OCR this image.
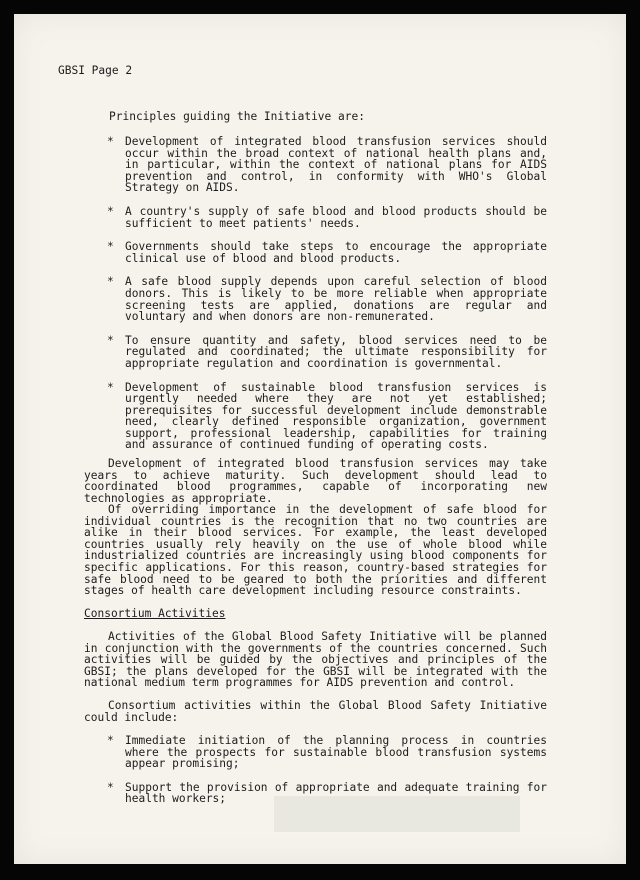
GBSI Page 2
Principles guiding the Initiative are:
* Development of integrated blood transfusion services should occur within the broad context of national health plans and, in particular, within the context of national plans for AIDS prevention and control, in conformity with WHO's Global Strategy on AIDS.
* A country's supply of safe blood and blood products should be sufficient to meet patients' needs.
* Governments should take steps to encourage the appropriate clinical use of blood and blood products.
* A safe blood supply depends upon careful selection of blood donors. This is likely to be more reliable when appropriate screening tests are applied, donations are regular and voluntary and when donors are non-remunerated.
* To ensure quantity and safety, blood services need to be regulated and coordinated; the ultimate responsibility for appropriate regulation and coordination is governmental.
* Development of sustainable blood transfusion services is urgently needed where they are not yet established; prerequisites for successful development include demonstrable need, clearly defined responsible organization, government support, professional leadership, capabilities for training and assurance of continued funding of operating costs.
Development of integrated blood transfusion services may take years to achieve maturity. Such development should lead to coordinated blood programmes, capable of incorporating new technologies as appropriate.
Of overriding importance in the development of safe blood for individual countries is the recognition that no two countries are alike in their blood services. For example, the least developed countries usually rely heavily on the use of whole blood while industrialized countries are increasingly using blood components for specific applications. For this reason, country-based strategies for safe blood need to be geared to both the priorities and different stages of health care development including resource constraints.
Consortium Activities
Activities of the Global Blood Safety Initiative will be planned in conjunction with the governments of the countries concerned. Such activities will be guided by the objectives and principles of the GBSI; the plans developed for the GBSI will be integrated with the national medium term programmes for AIDS prevention and control.
Consortium activities within the Global Blood Safety Initiative could include:
* Immediate initiation of the planning process in countries where the prospects for sustainable blood transfusion systems appear promising;
* Support the provision of appropriate and adequate training for health workers;
